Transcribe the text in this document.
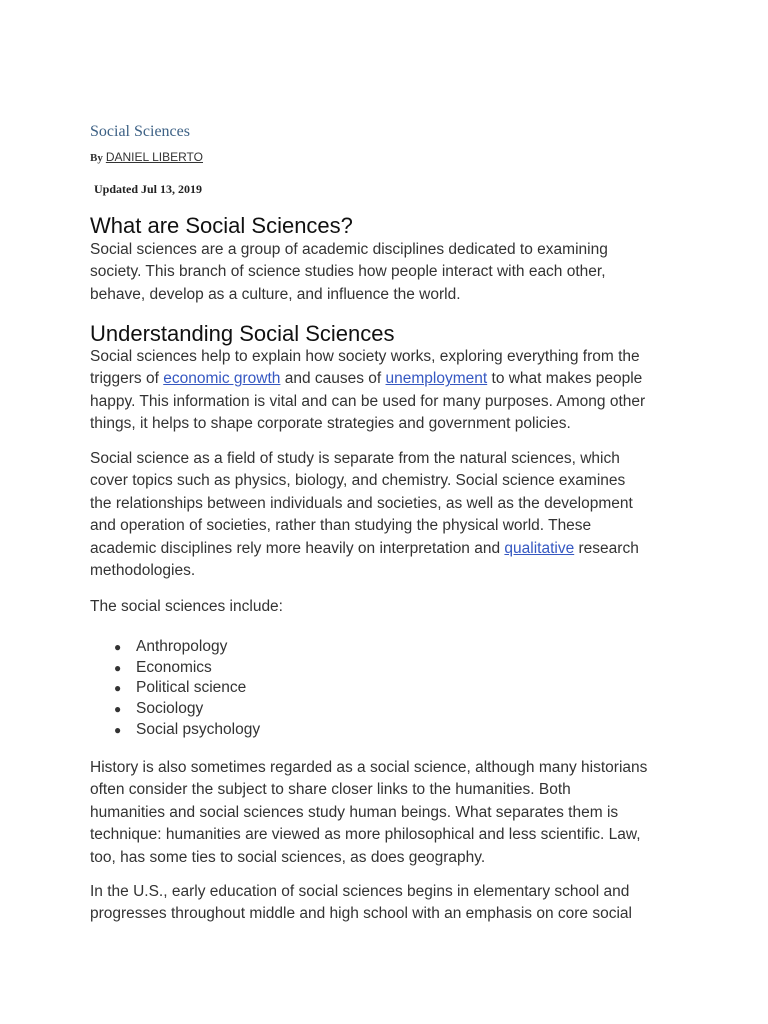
Social Sciences
By DANIEL LIBERTO
Updated Jul 13, 2019
What are Social Sciences?

Social sciences are a group of academic disciplines dedicated to examining

society. This branch of science studies how people interact with each other,

behave, develop as a culture, and influence the world.

Understanding Social Sciences

Social sciences help to explain how society works, exploring everything from the

triggers of economic growth and causes of unemployment to what makes people

happy. This information is vital and can be used for many purposes. Among other

things, it helps to shape corporate strategies and government policies.

Social science as a field of study is separate from the natural sciences, which

cover topics such as physics, biology, and chemistry. Social science examines

the relationships between individuals and societies, as well as the development

and operation of societies, rather than studying the physical world. These

academic disciplines rely more heavily on interpretation and qualitative research

methodologies.

The social sciences include:

● Anthropology
● Economics
● Political science
● Sociology
● Social psychology

History is also sometimes regarded as a social science, although many historians

often consider the subject to share closer links to the humanities. Both

humanities and social sciences study human beings. What separates them is

technique: humanities are viewed as more philosophical and less scientific. Law,

too, has some ties to social sciences, as does geography.

In the U.S., early education of social sciences begins in elementary school and

progresses throughout middle and high school with an emphasis on core social
